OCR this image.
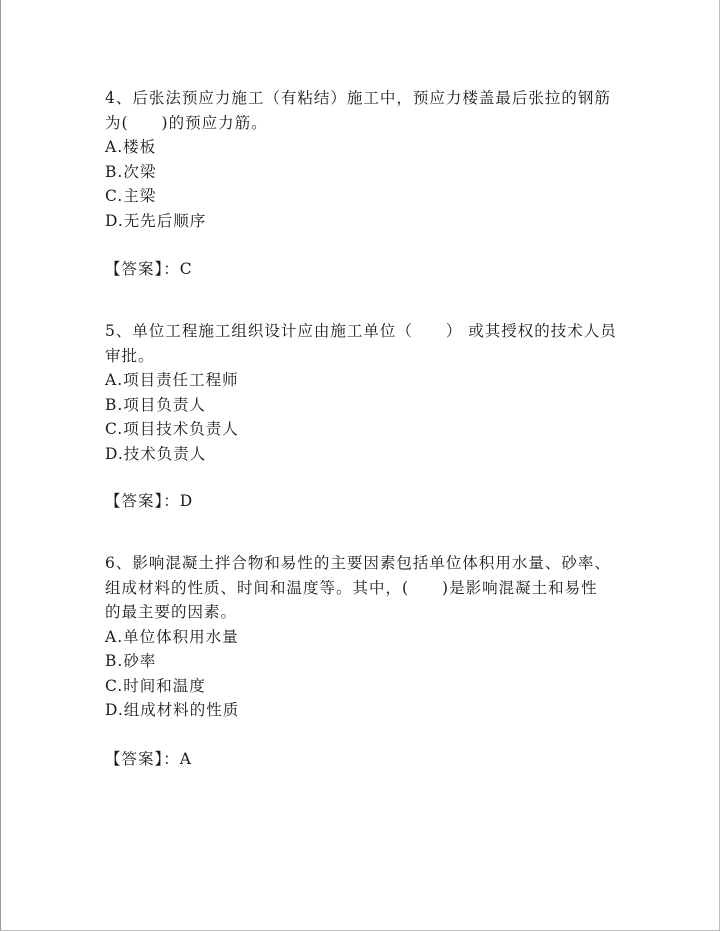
4、后张法预应力施工（有粘结）施工中，预应力楼盖最后张拉的钢筋
为(　　)的预应力筋。
A.楼板
B.次梁
C.主梁
D.无先后顺序
【答案】：C
5、单位工程施工组织设计应由施工单位（　　） 或其授权的技术人员
审批。
A.项目责任工程师
B.项目负责人
C.项目技术负责人
D.技术负责人
【答案】：D
6、影响混凝土拌合物和易性的主要因素包括单位体积用水量、砂率、
组成材料的性质、时间和温度等。其中，(　　)是影响混凝土和易性
的最主要的因素。
A.单位体积用水量
B.砂率
C.时间和温度
D.组成材料的性质
【答案】：A
